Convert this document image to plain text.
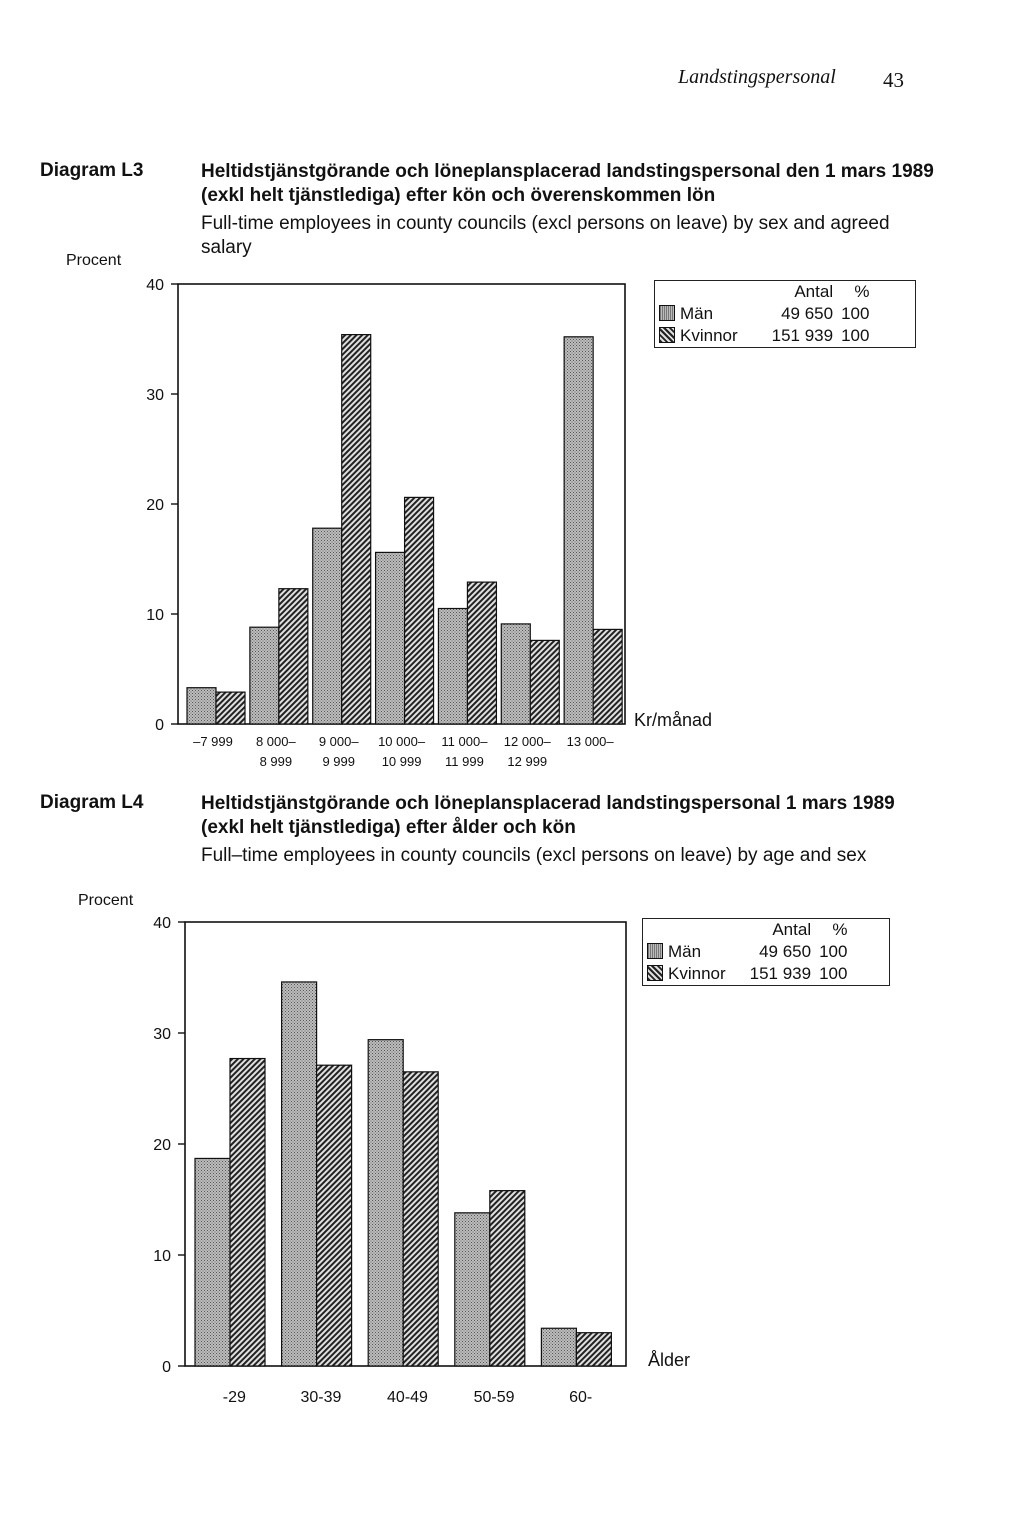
Landstingspersonal 43
Diagram L3	Heltidstjänstgörande och löneplansplacerad landstingspersonal den 1 mars 1989 (exkl helt tjänstlediga) efter kön och överenskommen lön
Full-time employees in county councils (excl persons on leave) by sex and agreed salary
Procent
0
10
20
30
40
–7 999 8 000–
8 999
9 000–
9 999
10 000–
10 999
11 000–
11 999
12 000–
12 999
13 000–
Kr/månad
	Antal	%
Män	49 650	100
Kvinnor	151 939	100
Diagram L4	Heltidstjänstgörande och löneplansplacerad landstingspersonal 1 mars 1989 (exkl helt tjänstlediga) efter ålder och kön
Full–time employees in county councils (excl persons on leave) by age and sex
Procent
0
10
20
30
40
-29	30-39	40-49	50-59	60-
Ålder
	Antal	%
Män	49 650	100
Kvinnor	151 939	100
